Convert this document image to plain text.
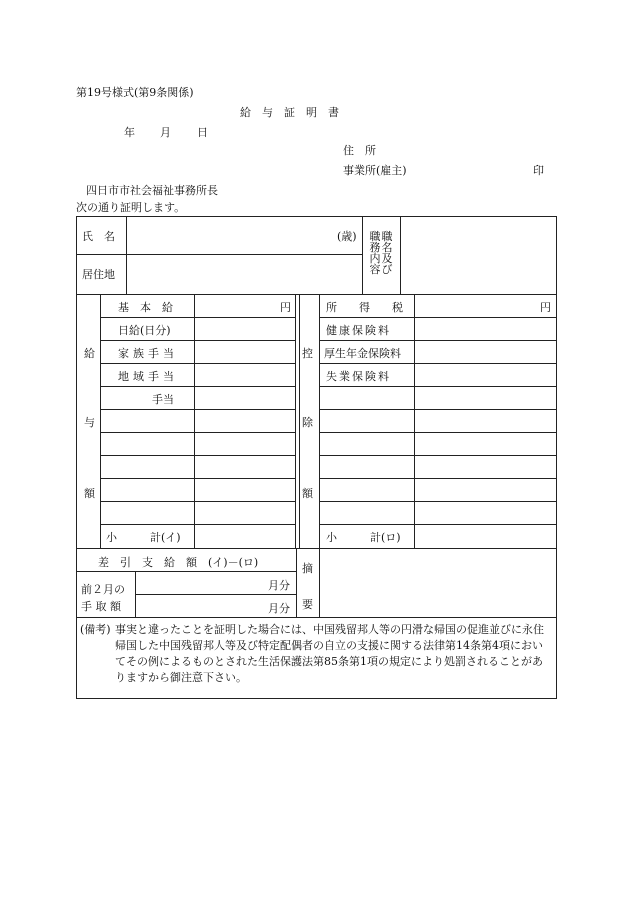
第19号様式(第9条関係)
給　与　証　明　書
年 月 日
住　所
事業所(雇主)	印
四日市市社会福祉事務所長
次の通り証明します。
氏　名	(歳)
居住地
職名及び
職務内容
給
与
額
基　本　給
日給(日分)
家族手当
地域手当
手当
小　　　計(イ)
円
控
除
額
所　　得　　税
健康保険料
厚生年金保険料
失業保険料
小　　　計(ロ)
円
差　引　支　給　額　(イ)－(ロ)
前２月の
手 取 額
月分
月分
摘
要
(備考) 事実と違ったことを証明した場合には、中国残留邦人等の円滑な帰国の促進並びに永住帰国した中国残留邦人等及び特定配偶者の自立の支援に関する法律第14条第4項においてその例によるものとされた生活保護法第85条第1項の規定により処罰されることがありますから御注意下さい。
